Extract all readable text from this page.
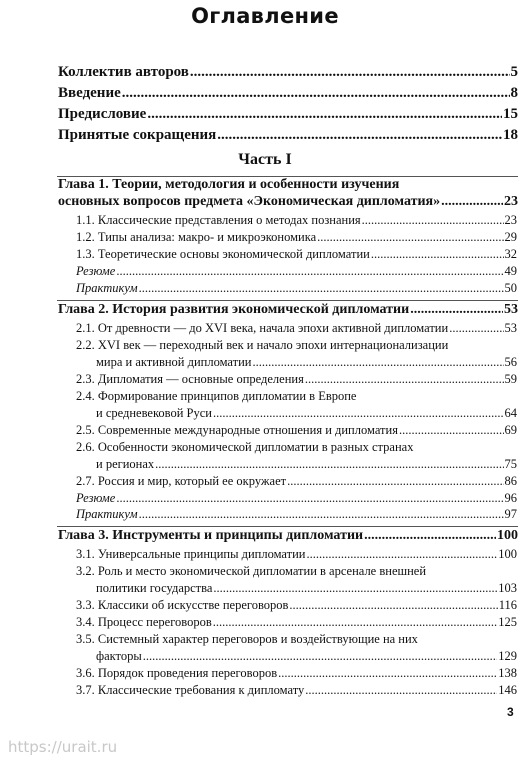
Оглавление
Коллектив авторов .....	5
Введение .....	8
Предисловие .....	15
Принятые сокращения .....	18
Часть I
Глава 1. Теории, методология и особенности изучения
основных вопросов предмета «Экономическая дипломатия» .....	23
1.1. Классические представления о методах познания .....	23
1.2. Типы анализа: макро- и микроэкономика .....	29
1.3. Теоретические основы экономической дипломатии .....	32
Резюме .....	49
Практикум .....	50
Глава 2. История развития экономической дипломатии .....	53
2.1. От древности — до XVI века, начала эпохи активной дипломатии .....	53
2.2. XVI век — переходный век и начало эпохи интернационализации
мира и активной дипломатии .....	56
2.3. Дипломатия — основные определения .....	59
2.4. Формирование принципов дипломатии в Европе
и средневековой Руси .....	64
2.5. Современные международные отношения и дипломатия .....	69
2.6. Особенности экономической дипломатии в разных странах
и регионах .....	75
2.7. Россия и мир, который ее окружает .....	86
Резюме .....	96
Практикум .....	97
Глава 3. Инструменты и принципы дипломатии .....	100
3.1. Универсальные принципы дипломатии .....	100
3.2. Роль и место экономической дипломатии в арсенале внешней
политики государства .....	103
3.3. Классики об искусстве переговоров .....	116
3.4. Процесс переговоров .....	125
3.5. Системный характер переговоров и воздействующие на них
факторы .....	129
3.6. Порядок проведения переговоров .....	138
3.7. Классические требования к дипломату .....	146
3
https://urait.ru
